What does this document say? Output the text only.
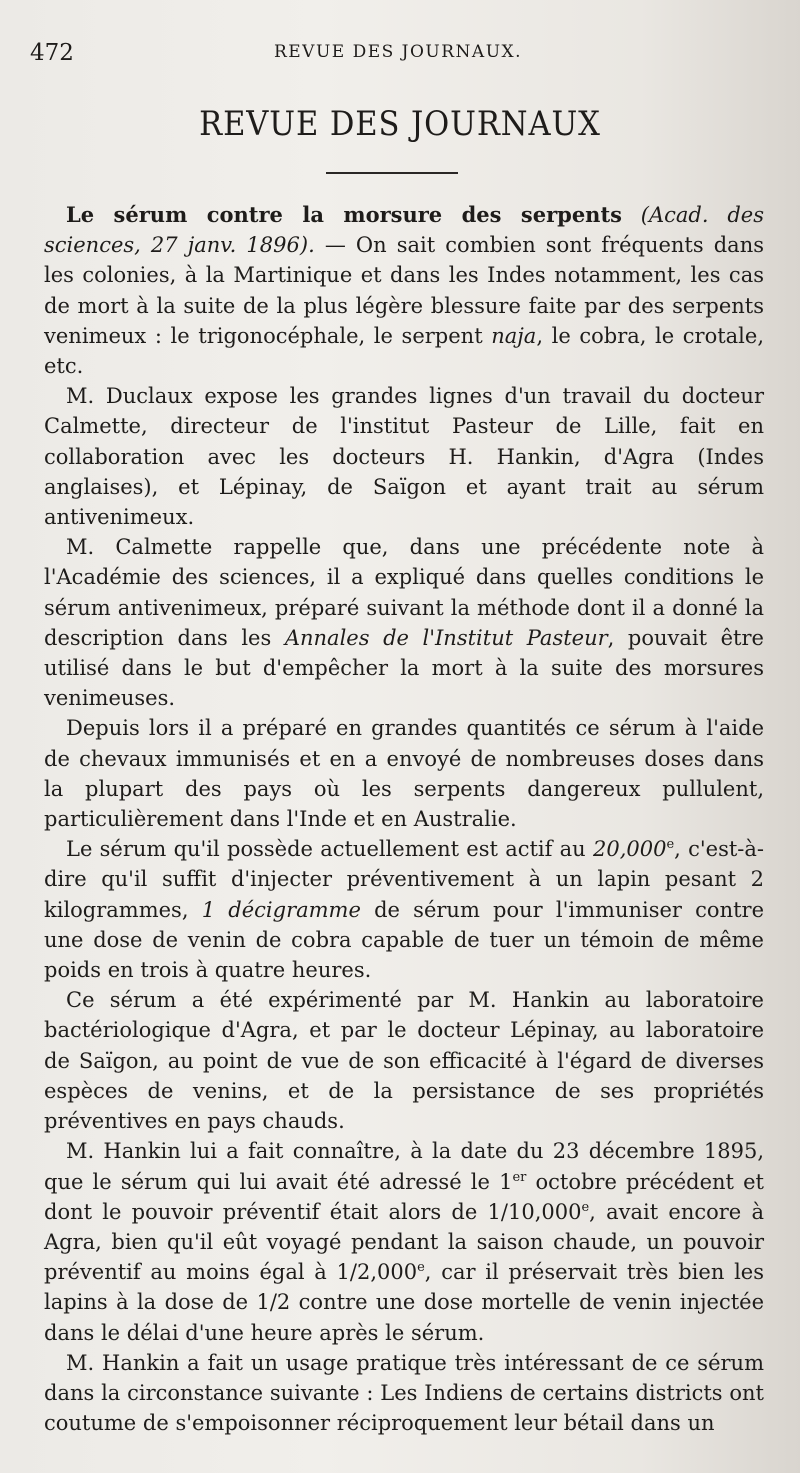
472	REVUE DES JOURNAUX.
REVUE DES JOURNAUX

Le sérum contre la morsure des serpents (Acad. des sciences, 27 janv. 1896). — On sait combien sont fréquents dans les colonies, à la Martinique et dans les Indes notamment, les cas de mort à la suite de la plus légère blessure faite par des serpents venimeux : le trigonocéphale, le serpent naja, le cobra, le crotale, etc.

M. Duclaux expose les grandes lignes d'un travail du docteur Calmette, directeur de l'institut Pasteur de Lille, fait en collaboration avec les docteurs H. Hankin, d'Agra (Indes anglaises), et Lépinay, de Saïgon et ayant trait au sérum antivenimeux.

M. Calmette rappelle que, dans une précédente note à l'Académie des sciences, il a expliqué dans quelles conditions le sérum antivenimeux, préparé suivant la méthode dont il a donné la description dans les Annales de l'Institut Pasteur, pouvait être utilisé dans le but d'empêcher la mort à la suite des morsures venimeuses.

Depuis lors il a préparé en grandes quantités ce sérum à l'aide de chevaux immunisés et en a envoyé de nombreuses doses dans la plupart des pays où les serpents dangereux pullulent, particulièrement dans l'Inde et en Australie.

Le sérum qu'il possède actuellement est actif au 20,000e, c'est-à-dire qu'il suffit d'injecter préventivement à un lapin pesant 2 kilogrammes, 1 décigramme de sérum pour l'immuniser contre une dose de venin de cobra capable de tuer un témoin de même poids en trois à quatre heures.

Ce sérum a été expérimenté par M. Hankin au laboratoire bactériologique d'Agra, et par le docteur Lépinay, au laboratoire de Saïgon, au point de vue de son efficacité à l'égard de diverses espèces de venins, et de la persistance de ses propriétés préventives en pays chauds.

M. Hankin lui a fait connaître, à la date du 23 décembre 1895, que le sérum qui lui avait été adressé le 1er octobre précédent et dont le pouvoir préventif était alors de 1/10,000e, avait encore à Agra, bien qu'il eût voyagé pendant la saison chaude, un pouvoir préventif au moins égal à 1/2,000e, car il préservait très bien les lapins à la dose de 1/2 contre une dose mortelle de venin injectée dans le délai d'une heure après le sérum.

M. Hankin a fait un usage pratique très intéressant de ce sérum dans la circonstance suivante : Les Indiens de certains districts ont coutume de s'empoisonner réciproquement leur bétail dans un
